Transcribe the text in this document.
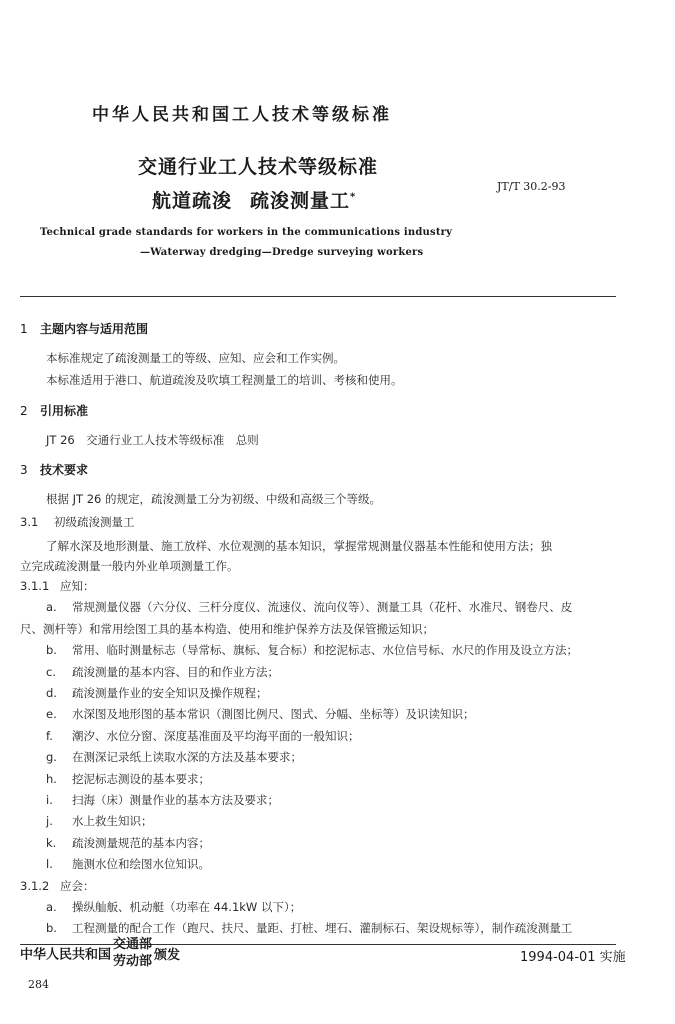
中华人民共和国工人技术等级标准
交通行业工人技术等级标准
航道疏浚 疏浚测量工*
JT/T 30.2-93
Technical grade standards for workers in the communications industry
—Waterway dredging—Dredge surveying workers
1 主题内容与适用范围
本标准规定了疏浚测量工的等级、应知、应会和工作实例。
本标准适用于港口、航道疏浚及吹填工程测量工的培训、考核和使用。
2 引用标准
JT 26　交通行业工人技术等级标准　总则
3 技术要求
根据 JT 26 的规定，疏浚测量工分为初级、中级和高级三个等级。
3.1 初级疏浚测量工
了解水深及地形测量、施工放样、水位观测的基本知识，掌握常规测量仪器基本性能和使用方法；独
立完成疏浚测量一般内外业单项测量工作。
3.1.1 应知：
a. 常规测量仪器（六分仪、三杆分度仪、流速仪、流向仪等）、测量工具（花杆、水准尺、钢卷尺、皮
尺、测杆等）和常用绘图工具的基本构造、使用和维护保养方法及保管搬运知识；
b. 常用、临时测量标志（导常标、旗标、复合标）和挖泥标志、水位信号标、水尺的作用及设立方法；
c. 疏浚测量的基本内容、目的和作业方法；
d. 疏浚测量作业的安全知识及操作规程；
e. 水深图及地形图的基本常识（測图比例尺、图式、分幅、坐标等）及识读知识；
f. 潮汐、水位分窗、深度基准面及平均海平面的一般知识；
g. 在测深记录纸上读取水深的方法及基本要求；
h. 挖泥标志测设的基本要求；
i. 扫海（床）测量作业的基本方法及要求；
j. 水上救生知识；
k. 疏浚测量规范的基本内容；
l. 施测水位和绘图水位知识。
中华人民共和国
交通部
劳动部 颁发	1994-04-01 实施
284
3.1.2 应会：
a. 操纵舢舨、机动艇（功率在 44.1kW 以下）；
b. 工程测量的配合工作（跑尺、扶尺、量距、打桩、埋石、灌制标石、架设规标等），制作疏浚测量工
